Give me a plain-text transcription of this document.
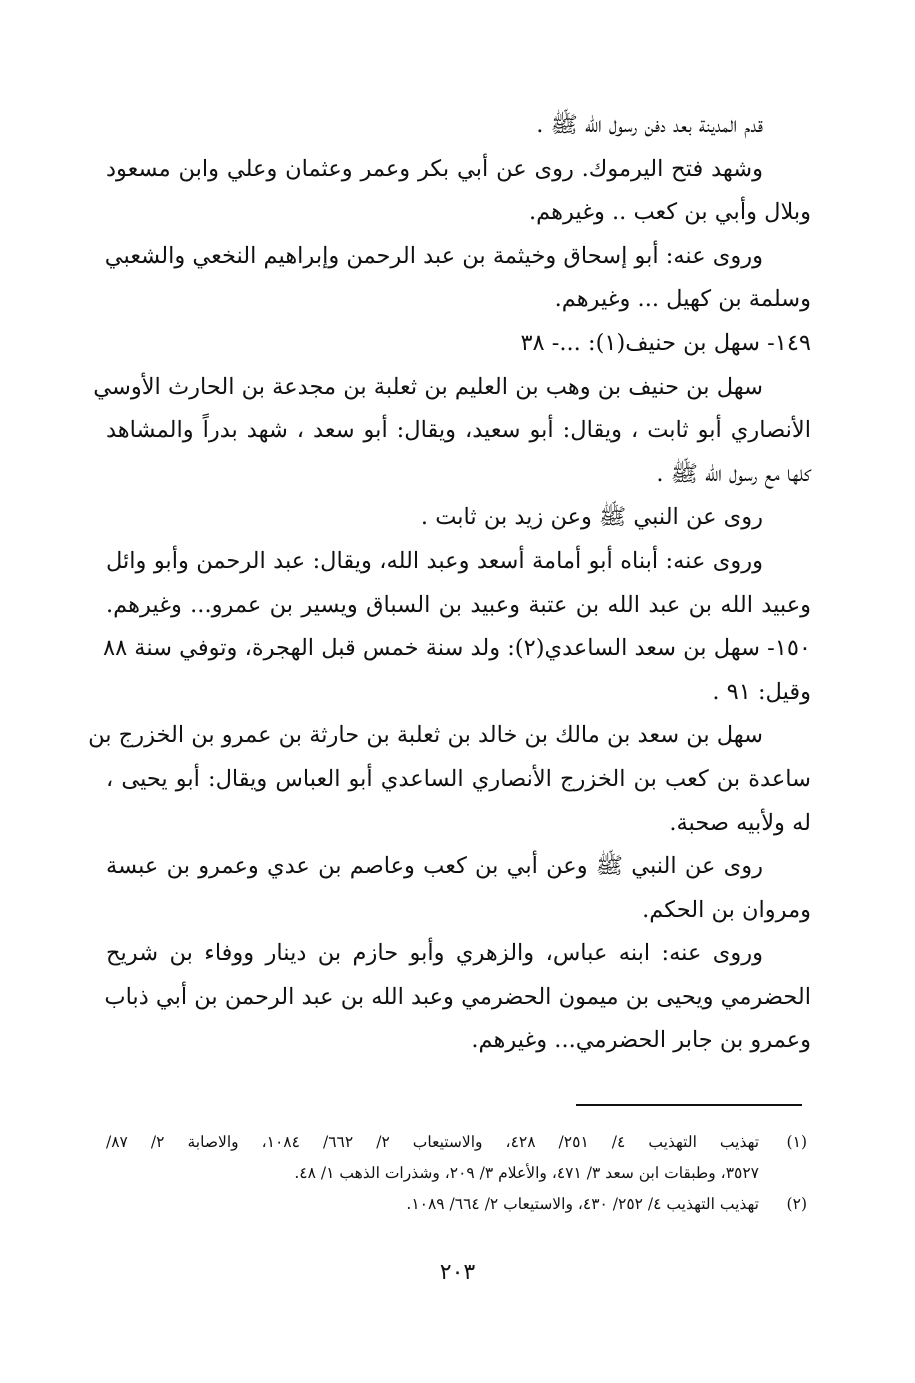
قدم المدينة بعد دفن رسول الله ﷺ .
وشهد فتح اليرموك. روى عن أبي بكر وعمر وعثمان وعلي وابن مسعود
وبلال وأبي بن كعب .. وغيرهم.
وروى عنه: أبو إسحاق وخيثمة بن عبد الرحمن وإبراهيم النخعي والشعبي
وسلمة بن كهيل ... وغيرهم.
١٤٩- سهل بن حنيف(١): ...- ٣٨
سهل بن حنيف بن وهب بن العليم بن ثعلبة بن مجدعة بن الحارث الأوسي
الأنصاري أبو ثابت ، ويقال: أبو سعيد، ويقال: أبو سعد ، شهد بدراً والمشاهد
كلها مع رسول الله ﷺ .
روى عن النبي ﷺ وعن زيد بن ثابت .
وروى عنه: أبناه أبو أمامة أسعد وعبد الله، ويقال: عبد الرحمن وأبو وائل
وعبيد الله بن عبد الله بن عتبة وعبيد بن السباق ويسير بن عمرو... وغيرهم.
١٥٠- سهل بن سعد الساعدي(٢): ولد سنة خمس قبل الهجرة، وتوفي سنة ٨٨
وقيل: ٩١ .
سهل بن سعد بن مالك بن خالد بن ثعلبة بن حارثة بن عمرو بن الخزرج بن
ساعدة بن كعب بن الخزرج الأنصاري الساعدي أبو العباس ويقال: أبو يحيى ،
له ولأبيه صحبة.
روى عن النبي ﷺ وعن أبي بن كعب وعاصم بن عدي وعمرو بن عبسة
ومروان بن الحكم.
وروى عنه: ابنه عباس، والزهري وأبو حازم بن دينار ووفاء بن شريح
الحضرمي ويحيى بن ميمون الحضرمي وعبد الله بن عبد الرحمن بن أبي ذباب
وعمرو بن جابر الحضرمي... وغيرهم.
(١)
تهذيب التهذيب ٤/ ٢٥١/ ٤٢٨، والاستيعاب ٢/ ٦٦٢/ ١٠٨٤، والاصابة ٢/ ٨٧/
٣٥٢٧، وطبقات ابن سعد ٣/ ٤٧١، والأعلام ٣/ ٢٠٩، وشذرات الذهب ١/ ٤٨.
(٢)
تهذيب التهذيب ٤/ ٢٥٢/ ٤٣٠، والاستيعاب ٢/ ٦٦٤/ ١٠٨٩.
٢٠٣
